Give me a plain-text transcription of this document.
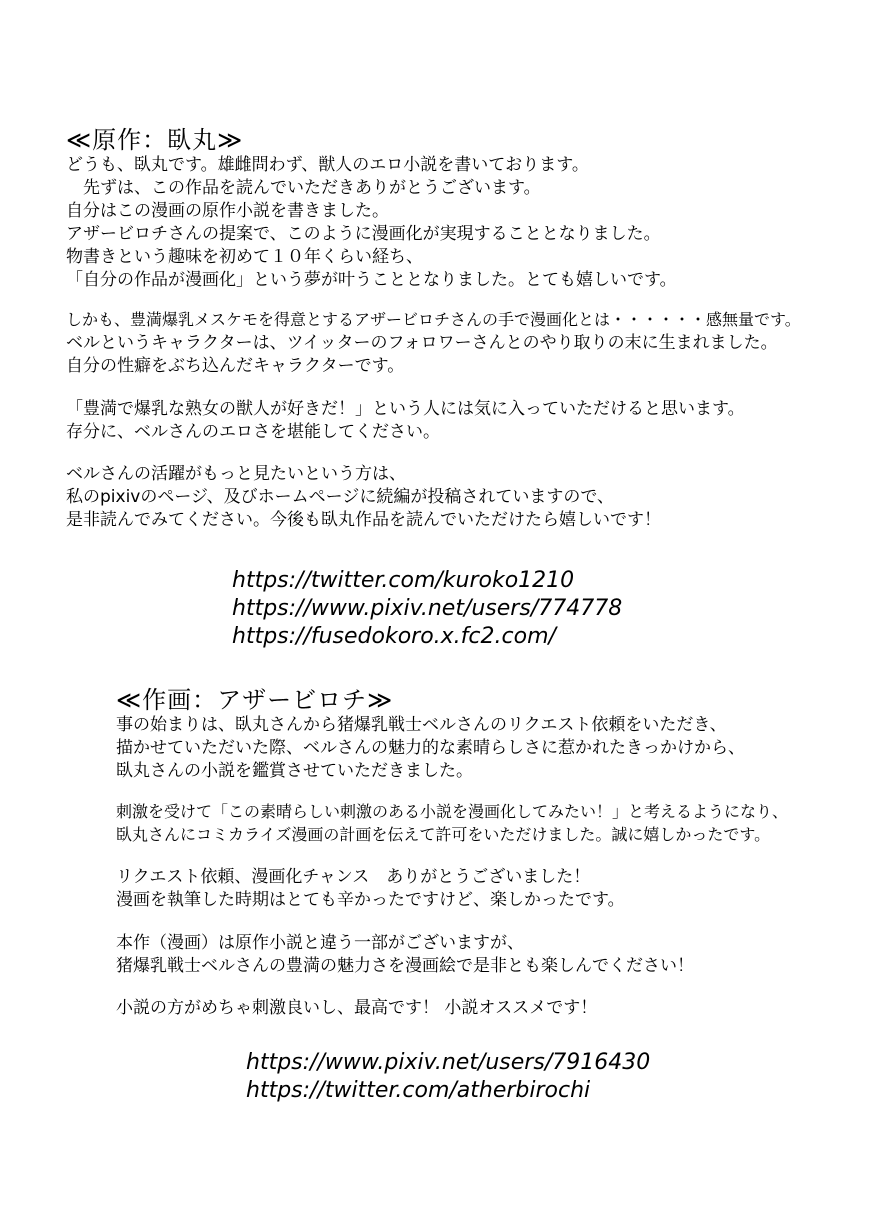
≪原作：臥丸≫
どうも、臥丸です。雄雌問わず、獣人のエロ小説を書いております。
　先ずは、この作品を読んでいただきありがとうございます。
自分はこの漫画の原作小説を書きました。
アザービロチさんの提案で、このように漫画化が実現することとなりました。
物書きという趣味を初めて１０年くらい経ち、
「自分の作品が漫画化」という夢が叶うこととなりました。とても嬉しいです。
しかも、豊満爆乳メスケモを得意とするアザービロチさんの手で漫画化とは・・・・・・感無量です。
ベルというキャラクターは、ツイッターのフォロワーさんとのやり取りの末に生まれました。
自分の性癖をぶち込んだキャラクターです。
「豊満で爆乳な熟女の獣人が好きだ！」という人には気に入っていただけると思います。
存分に、ベルさんのエロさを堪能してください。
ベルさんの活躍がもっと見たいという方は、
私のpixivのページ、及びホームページに続編が投稿されていますので、
是非読んでみてください。今後も臥丸作品を読んでいただけたら嬉しいです！
https://twitter.com/kuroko1210
https://www.pixiv.net/users/774778
https://fusedokoro.x.fc2.com/
≪作画：アザービロチ≫
事の始まりは、臥丸さんから猪爆乳戦士ベルさんのリクエスト依頼をいただき、
描かせていただいた際、ベルさんの魅力的な素晴らしさに惹かれたきっかけから、
臥丸さんの小説を鑑賞させていただきました。
刺激を受けて「この素晴らしい刺激のある小説を漫画化してみたい！」と考えるようになり、
臥丸さんにコミカライズ漫画の計画を伝えて許可をいただけました。誠に嬉しかったです。
リクエスト依頼、漫画化チャンス　ありがとうございました！
漫画を執筆した時期はとても辛かったですけど、楽しかったです。
本作（漫画）は原作小説と違う一部がございますが、
猪爆乳戦士ベルさんの豊満の魅力さを漫画絵で是非とも楽しんでください！
小説の方がめちゃ刺激良いし、最高です！ 小説オススメです！
https://www.pixiv.net/users/7916430
https://twitter.com/atherbirochi
